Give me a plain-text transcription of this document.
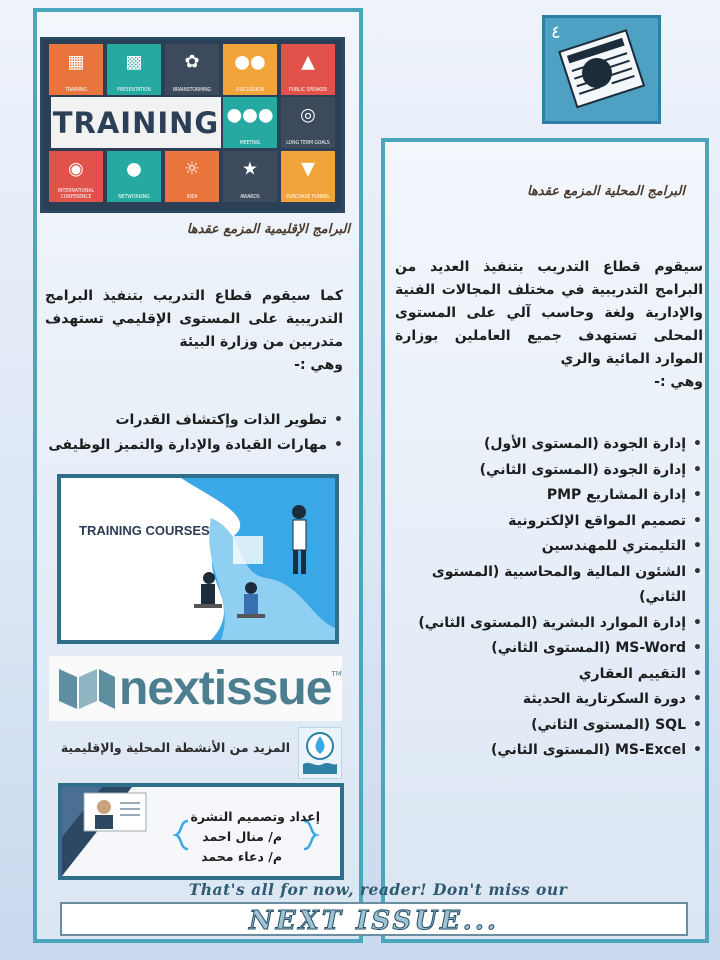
٤
▦
TRAINING
▩
PRESENTATION
✿
BRAINSTORMING
●●
DISCUSSION
▲
PUBLIC SPEAKER
TRAINING ●●●
MEETING
◎
LONG TERM GOALS
◉
INTERNATIONAL CONFERENCE
●
NETWORKING
☼
IDEA
★
AWARDS
▼
PURCHASE FUNNEL
البرامج الإقليمية المزمع عقدها

كما سيقوم قطاع التدريب بتنفيذ البرامج التدريبية على المستوى الإقليمي تستهدف متدربين من وزارة البيئة

وهي :-

• تطوير الذات وإكتشاف القدرات
• مهارات القيادة والإدارة والتميز الوظيفى
TRAINING COURSES
nextissue TM
المزيد من الأنشطة المحلية والإقليمية
إعداد وتصميم النشرة
م/ منال احمد
م/ دعاء محمد
البرامج المحلية المزمع عقدها

سيقوم قطاع التدريب بتنفيذ العديد من البرامج التدريبية في مختلف المجالات الفنية والإدارية ولغة وحاسب آلي على المستوى المحلى تستهدف جميع العاملين بوزارة الموارد المائية والري

وهي :-

• إدارة الجودة (المستوى الأول)
• إدارة الجودة (المستوى الثاني)
• إدارة المشاريع PMP
• تصميم المواقع الإلكترونية
• التليمتري للمهندسين
• الشئون المالية والمحاسبية (المستوى الثاني)
• إدارة الموارد البشرية (المستوى الثاني)
• MS-Word (المستوى الثاني)
• التقييم العقاري
• دورة السكرتارية الحديثة
• SQL (المستوى الثاني)
• MS-Excel (المستوى الثاني)
That's all for now, reader! Don't miss our
NEXT ISSUE...
